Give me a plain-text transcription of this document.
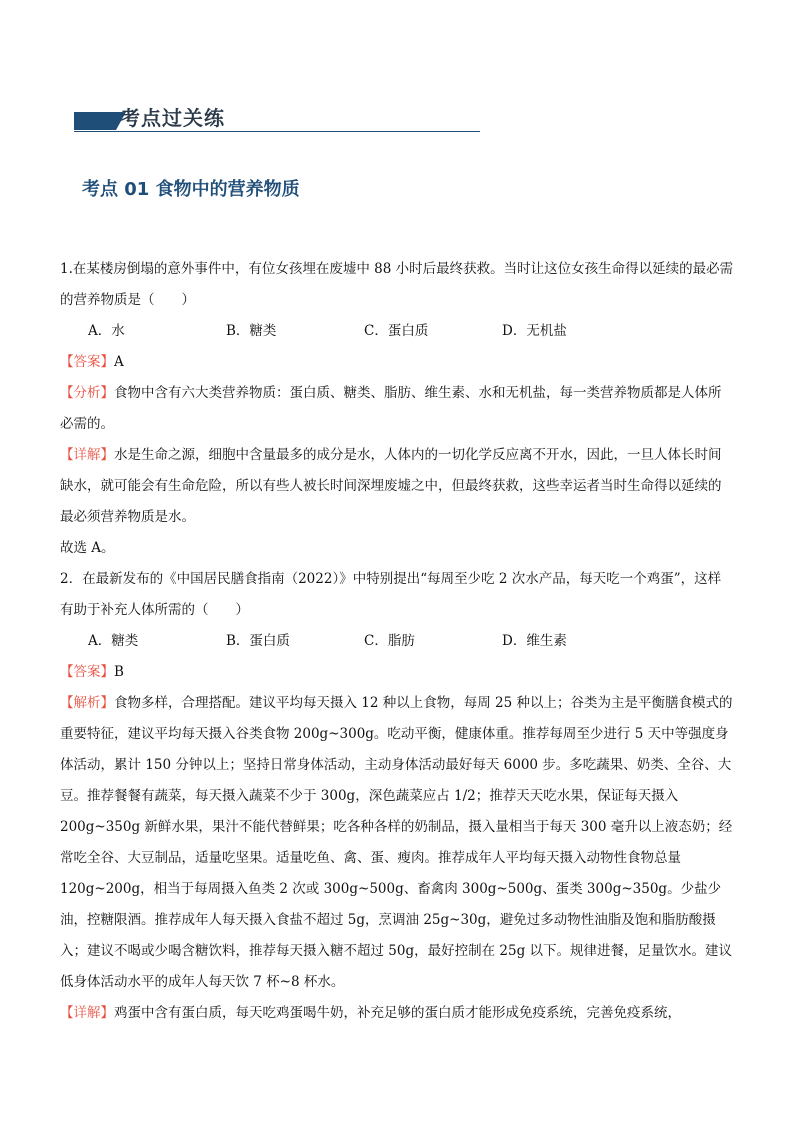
考点过关练
考点 01 食物中的营养物质

1.在某楼房倒塌的意外事件中，有位女孩埋在废墟中 88 小时后最终获救。当时让这位女孩生命得以延续的最必需的营养物质是（　　）

A．水	B．糖类	C．蛋白质	D．无机盐

【答案】A

【分析】食物中含有六大类营养物质：蛋白质、糖类、脂肪、维生素、水和无机盐，每一类营养物质都是人体所必需的。

【详解】水是生命之源，细胞中含量最多的成分是水，人体内的一切化学反应离不开水，因此，一旦人体长时间缺水，就可能会有生命危险，所以有些人被长时间深埋废墟之中，但最终获救，这些幸运者当时生命得以延续的最必须营养物质是水。

故选 A。

2．在最新发布的《中国居民膳食指南（2022）》中特别提出“每周至少吃 2 次水产品，每天吃一个鸡蛋”，这样有助于补充人体所需的（　　）

A．糖类	B．蛋白质	C．脂肪	D．维生素

【答案】B

【解析】食物多样，合理搭配。建议平均每天摄入 12 种以上食物，每周 25 种以上；谷类为主是平衡膳食模式的重要特征，建议平均每天摄入谷类食物 200g~300g。吃动平衡，健康体重。推荐每周至少进行 5 天中等强度身体活动，累计 150 分钟以上；坚持日常身体活动，主动身体活动最好每天 6000 步。多吃蔬果、奶类、全谷、大豆。推荐餐餐有蔬菜，每天摄入蔬菜不少于 300g，深色蔬菜应占 1/2；推荐天天吃水果，保证每天摄入 200g~350g 新鲜水果，果汁不能代替鲜果；吃各种各样的奶制品，摄入量相当于每天 300 毫升以上液态奶；经常吃全谷、大豆制品，适量吃坚果。适量吃鱼、禽、蛋、瘦肉。推荐成年人平均每天摄入动物性食物总量 120g~200g，相当于每周摄入鱼类 2 次或 300g~500g、畜禽肉 300g~500g、蛋类 300g~350g。少盐少油，控糖限酒。推荐成年人每天摄入食盐不超过 5g，烹调油 25g~30g，避免过多动物性油脂及饱和脂肪酸摄入；建议不喝或少喝含糖饮料，推荐每天摄入糖不超过 50g，最好控制在 25g 以下。规律进餐，足量饮水。建议低身体活动水平的成年人每天饮 7 杯~8 杯水。

【详解】鸡蛋中含有蛋白质，每天吃鸡蛋喝牛奶，补充足够的蛋白质才能形成免疫系统，完善免疫系统，
